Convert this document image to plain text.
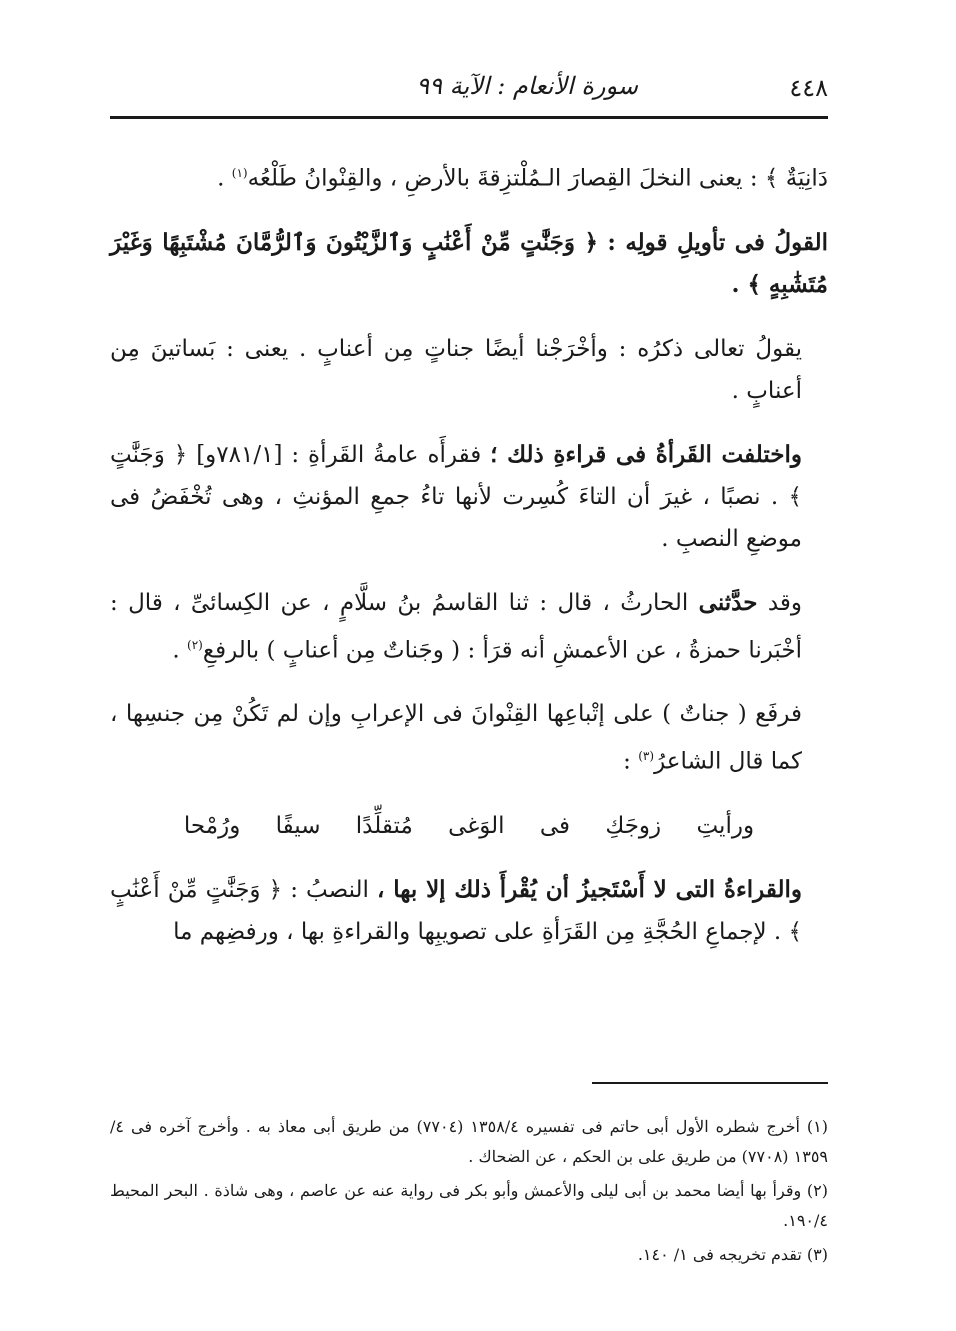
٤٤٨
سورة الأنعام : الآية ٩٩

دَانِيَةٌ ﴾ : يعنى النخلَ القِصارَ الـمُلْتزِقةَ بالأرضِ ، والقِنْوانُ طَلْعُه$^{(١)}$ .

القولُ فى تأويلِ قولِه : ﴿ وَجَنَّٰتٍ مِّنْ أَعْنَٰبٍ وَٱلزَّيْتُونَ وَٱلرُّمَّانَ مُشْتَبِهًا وَغَيْرَ مُتَشَٰبِهٍ ﴾ .

يقولُ تعالى ذكرُه : وأخْرَجْنا أيضًا جناتٍ مِن أعنابٍ . يعنى : بَساتينَ مِن أعنابٍ .

واختلفت القَرأةُ فى قراءةِ ذلك ؛ فقرأَه عامةُ القَرأةِ : [٧٨١/١و] ﴿ وَجَنَّٰتٍ ﴾ . نصبًا ، غيرَ أن التاءَ كُسِرت لأنها تاءُ جمعِ المؤنثِ ، وهى تُخْفَضُ فى موضعِ النصبِ .

وقد حدَّثنى الحارثُ ، قال : ثنا القاسمُ بنُ سلَّامٍ ، عن الكِسائىِّ ، قال : أخْبَرنا حمزةُ ، عن الأعمشِ أنه قرَأ : ( وجَناتٌ مِن أعنابٍ ) بالرفعِ$^{(٢)}$ .

فرفَع ( جناتٌ ) على إتْباعِها القِنْوانَ فى الإعرابِ وإن لم تَكُنْ مِن جنسِها ، كما قال الشاعرُ$^{(٣)}$ :

ورأيتِ زوجَكِ فى الوَغى مُتقلِّدًا سيفًا ورُمْحا

والقراءةُ التى لا أَسْتَجيزُ أن يُقْرأَ ذلك إلا بها ، النصبُ : ﴿ وَجَنَّٰتٍ مِّنْ أَعْنَٰبٍ ﴾ . لإجماعِ الحُجَّةِ مِن القَرَأةِ على تصويبِها والقراءةِ بها ، ورفضِهم ما

(١) أخرج شطره الأول أبى حاتم فى تفسيره ١٣٥٨/٤ (٧٧٠٤) من طريق أبى معاذ به . وأخرج آخره فى ٤/ ١٣٥٩ (٧٧٠٨) من طريق على بن الحكم ، عن الضحاك .

(٢) وقرأ بها أيضا محمد بن أبى ليلى والأعمش وأبو بكر فى رواية عنه عن عاصم ، وهى شاذة . البحر المحيط ١٩٠/٤.

(٣) تقدم تخريجه فى ١/ ١٤٠.
